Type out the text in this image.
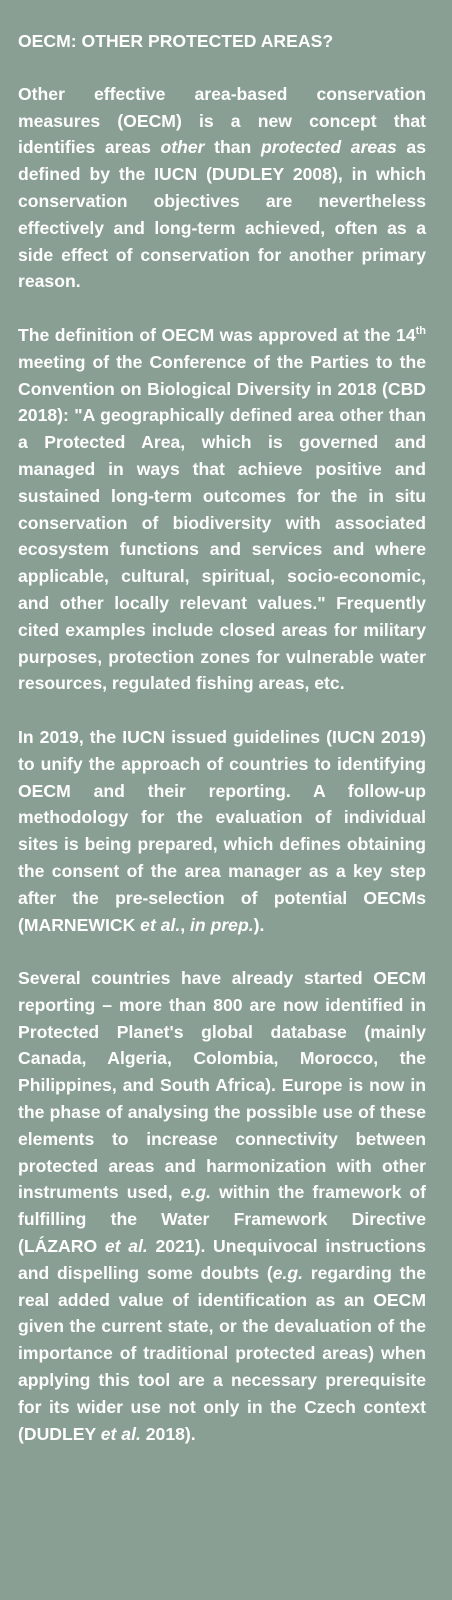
OECM: OTHER PROTECTED AREAS?

Other effective area-based conservation measures (OECM) is a new concept that identifies areas other than protected areas as defined by the IUCN (DUDLEY 2008), in which conservation objectives are nevertheless effectively and long-term achieved, often as a side effect of conservation for another primary reason.

The definition of OECM was approved at the 14th meeting of the Conference of the Parties to the Convention on Biological Diversity in 2018 (CBD 2018): "A geographically defined area other than a Protected Area, which is governed and managed in ways that achieve positive and sustained long-term outcomes for the in situ conservation of biodiversity with associated ecosystem functions and services and where applicable, cultural, spiritual, socio-economic, and other locally relevant values." Frequently cited examples include closed areas for military purposes, protection zones for vulnerable water resources, regulated fishing areas, etc.

In 2019, the IUCN issued guidelines (IUCN 2019) to unify the approach of countries to identifying OECM and their reporting. A follow-up methodology for the evaluation of individual sites is being prepared, which defines obtaining the consent of the area manager as a key step after the pre-selection of potential OECMs (MARNEWICK et al., in prep.).

Several countries have already started OECM reporting – more than 800 are now identified in Protected Planet's global database (mainly Canada, Algeria, Colombia, Morocco, the Philippines, and South Africa). Europe is now in the phase of analysing the possible use of these elements to increase connectivity between protected areas and harmonization with other instruments used, e.g. within the framework of fulfilling the Water Framework Directive (LÁZARO et al. 2021). Unequivocal instructions and dispelling some doubts (e.g. regarding the real added value of identification as an OECM given the current state, or the devaluation of the importance of traditional protected areas) when applying this tool are a necessary prerequisite for its wider use not only in the Czech context (DUDLEY et al. 2018).
